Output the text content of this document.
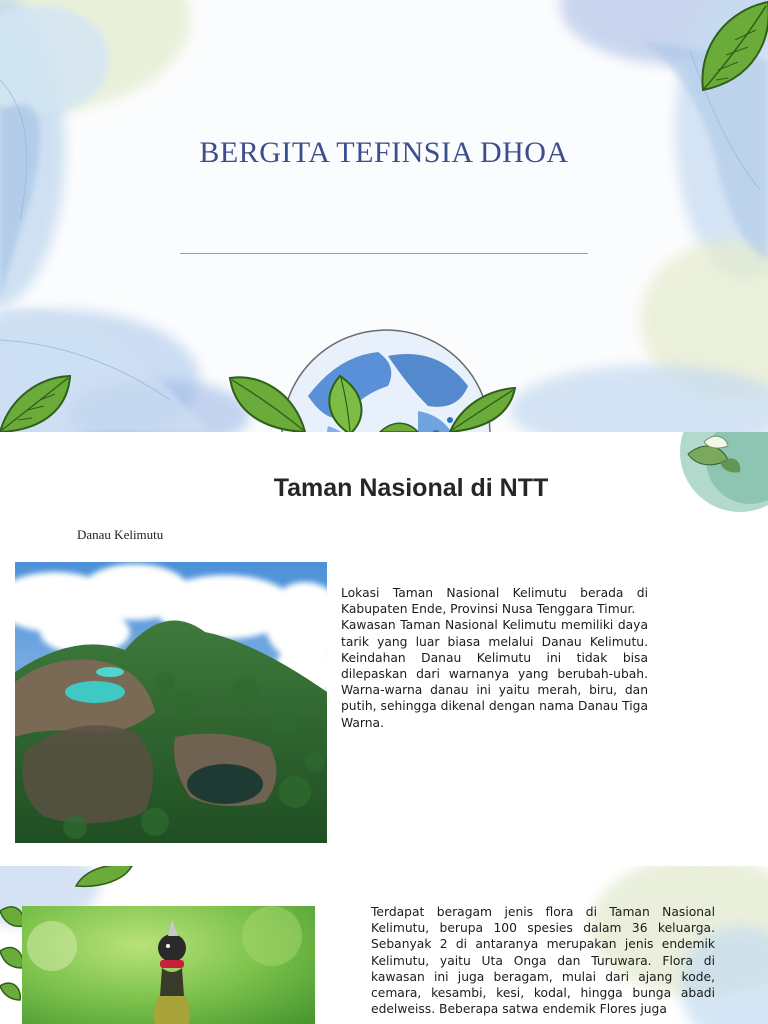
BERGITA TEFINSIA DHOA
Taman Nasional di NTT
Danau Kelimutu

Lokasi Taman Nasional Kelimutu berada di Kabupaten Ende, Provinsi Nusa Tenggara Timur.

Kawasan Taman Nasional Kelimutu memiliki daya tarik yang luar biasa melalui Danau Kelimutu. Keindahan Danau Kelimutu ini tidak bisa dilepaskan dari warnanya yang berubah-ubah. Warna-warna danau ini yaitu merah, biru, dan putih, sehingga dikenal dengan nama Danau Tiga Warna.

Terdapat beragam jenis flora di Taman Nasional Kelimutu, berupa 100 spesies dalam 36 keluarga. Sebanyak 2 di antaranya merupakan jenis endemik Kelimutu, yaitu Uta Onga dan Turuwara. Flora di kawasan ini juga beragam, mulai dari ajang kode, cemara, kesambi, kesi, kodal, hingga bunga abadi edelweiss. Beberapa satwa endemik Flores juga
